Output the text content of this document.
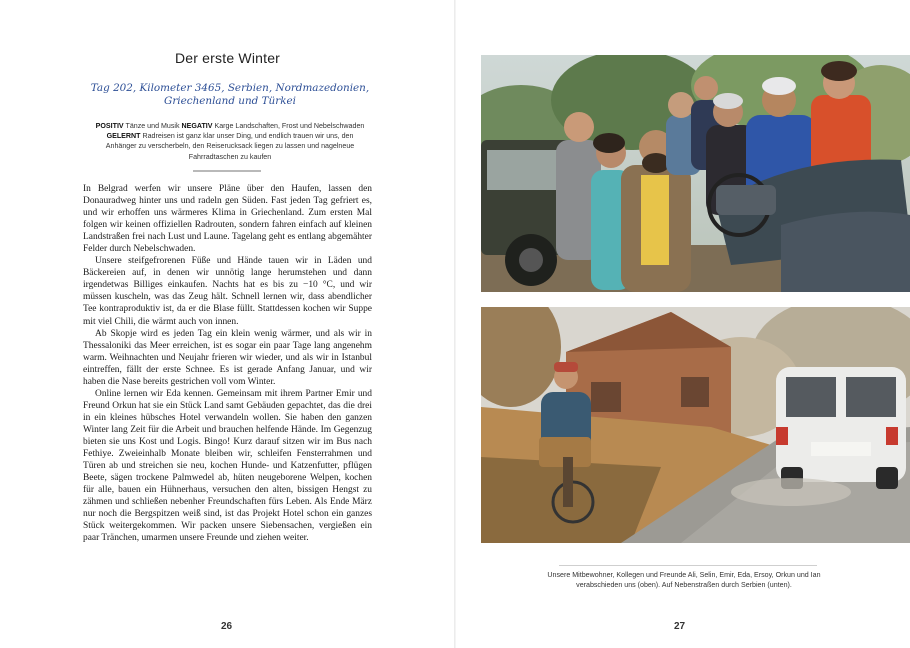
Der erste Winter
Tag 202, Kilometer 3465, Serbien, Nordmazedonien, Griechenland und Türkei
POSITIV Tänze und Musik NEGATIV Karge Landschaften, Frost und Nebelschwaden GELERNT Radreisen ist ganz klar unser Ding, und endlich trauen wir uns, den Anhänger zu verscherbeln, den Reiserucksack liegen zu lassen und nagelneue Fahrradtaschen zu kaufen

In Belgrad werfen wir unsere Pläne über den Haufen, lassen den Donauradweg hinter uns und radeln gen Süden. Fast jeden Tag gefriert es, und wir erhoffen uns wärmeres Klima in Griechenland. Zum ersten Mal folgen wir keinen offiziellen Radrouten, sondern fahren einfach auf kleinen Landstraßen frei nach Lust und Laune. Tagelang geht es entlang abgemähter Felder durch Nebelschwaden.

Unsere steifgefrorenen Füße und Hände tauen wir in Läden und Bäckereien auf, in denen wir unnötig lange herumstehen und dann irgendetwas Billiges einkaufen. Nachts hat es bis zu −10 °C, und wir müssen kuscheln, was das Zeug hält. Schnell lernen wir, dass abendlicher Tee kontraproduktiv ist, da er die Blase füllt. Stattdessen kochen wir Suppe mit viel Chili, die wärmt auch von innen.

Ab Skopje wird es jeden Tag ein klein wenig wärmer, und als wir in Thessaloniki das Meer erreichen, ist es sogar ein paar Tage lang angenehm warm. Weihnachten und Neujahr frieren wir wieder, und als wir in Istanbul eintreffen, fällt der erste Schnee. Es ist gerade Anfang Januar, und wir haben die Nase bereits gestrichen voll vom Winter.

Online lernen wir Eda kennen. Gemeinsam mit ihrem Partner Emir und Freund Orkun hat sie ein Stück Land samt Gebäuden gepachtet, das die drei in ein kleines hübsches Hotel verwandeln wollen. Sie haben den ganzen Winter lang Zeit für die Arbeit und brauchen helfende Hände. Im Gegenzug bieten sie uns Kost und Logis. Bingo! Kurz darauf sitzen wir im Bus nach Fethiye. Zweieinhalb Monate bleiben wir, schleifen Fensterrahmen und Türen ab und streichen sie neu, kochen Hunde- und Katzenfutter, pflügen Beete, sägen trockene Palmwedel ab, hüten neugeborene Welpen, kochen für alle, bauen ein Hühnerhaus, versuchen den alten, bissigen Hengst zu zähmen und schließen nebenher Freundschaften fürs Leben. Als Ende März nur noch die Bergspitzen weiß sind, ist das Projekt Hotel schon ein ganzes Stück weitergekommen. Wir packen unsere Siebensachen, vergießen ein paar Tränchen, umarmen unsere Freunde und ziehen weiter.

26
Unsere Mitbewohner, Kollegen und Freunde Ali, Selin, Emir, Eda, Ersoy, Orkun und Ian verabschieden uns (oben). Auf Nebenstraßen durch Serbien (unten).
27
